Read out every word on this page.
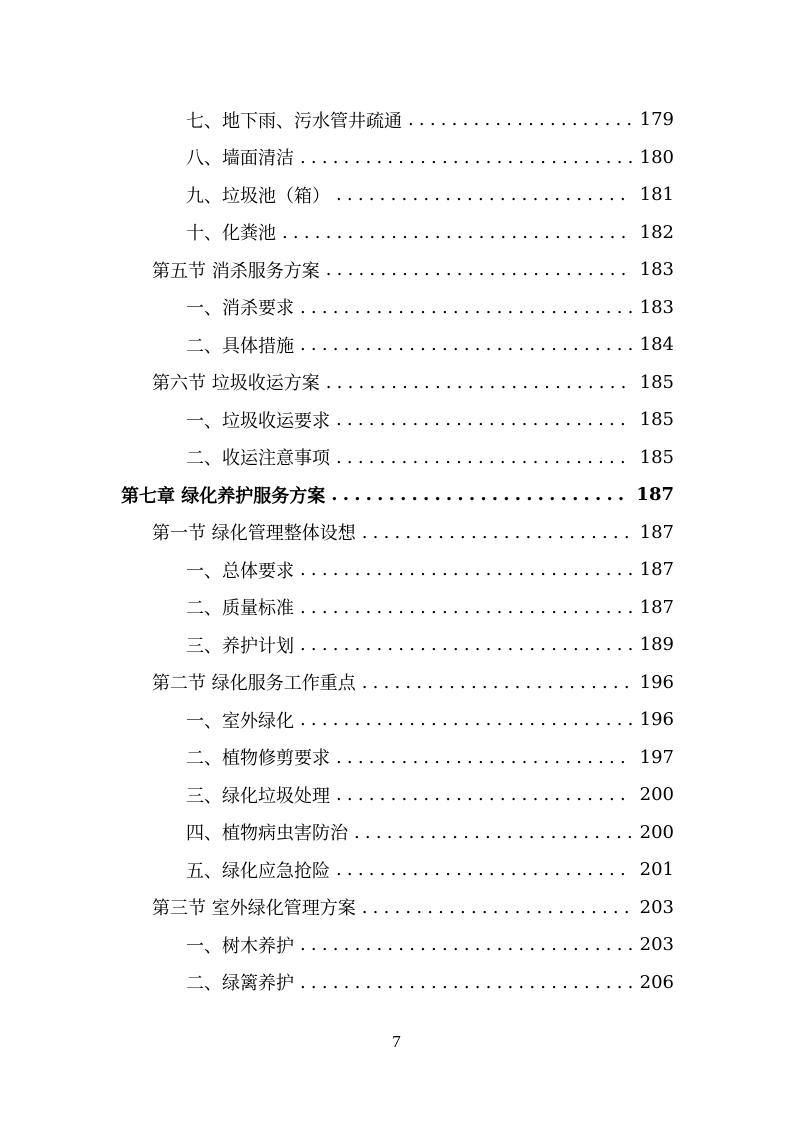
七、地下雨、污水管井疏通 .....	179
八、墙面清洁 .....	180
九、垃圾池（箱） .....	181
十、化粪池 .....	182
第五节 消杀服务方案 .....	183
一、消杀要求 .....	183
二、具体措施 .....	184
第六节 垃圾收运方案 .....	185
一、垃圾收运要求 .....	185
二、收运注意事项 .....	185
第七章 绿化养护服务方案 .....	187
第一节 绿化管理整体设想 .....	187
一、总体要求 .....	187
二、质量标准 .....	187
三、养护计划 .....	189
第二节 绿化服务工作重点 .....	196
一、室外绿化 .....	196
二、植物修剪要求 .....	197
三、绿化垃圾处理 .....	200
四、植物病虫害防治 .....	200
五、绿化应急抢险 .....	201
第三节 室外绿化管理方案 .....	203
一、树木养护 .....	203
二、绿篱养护 .....	206
7
